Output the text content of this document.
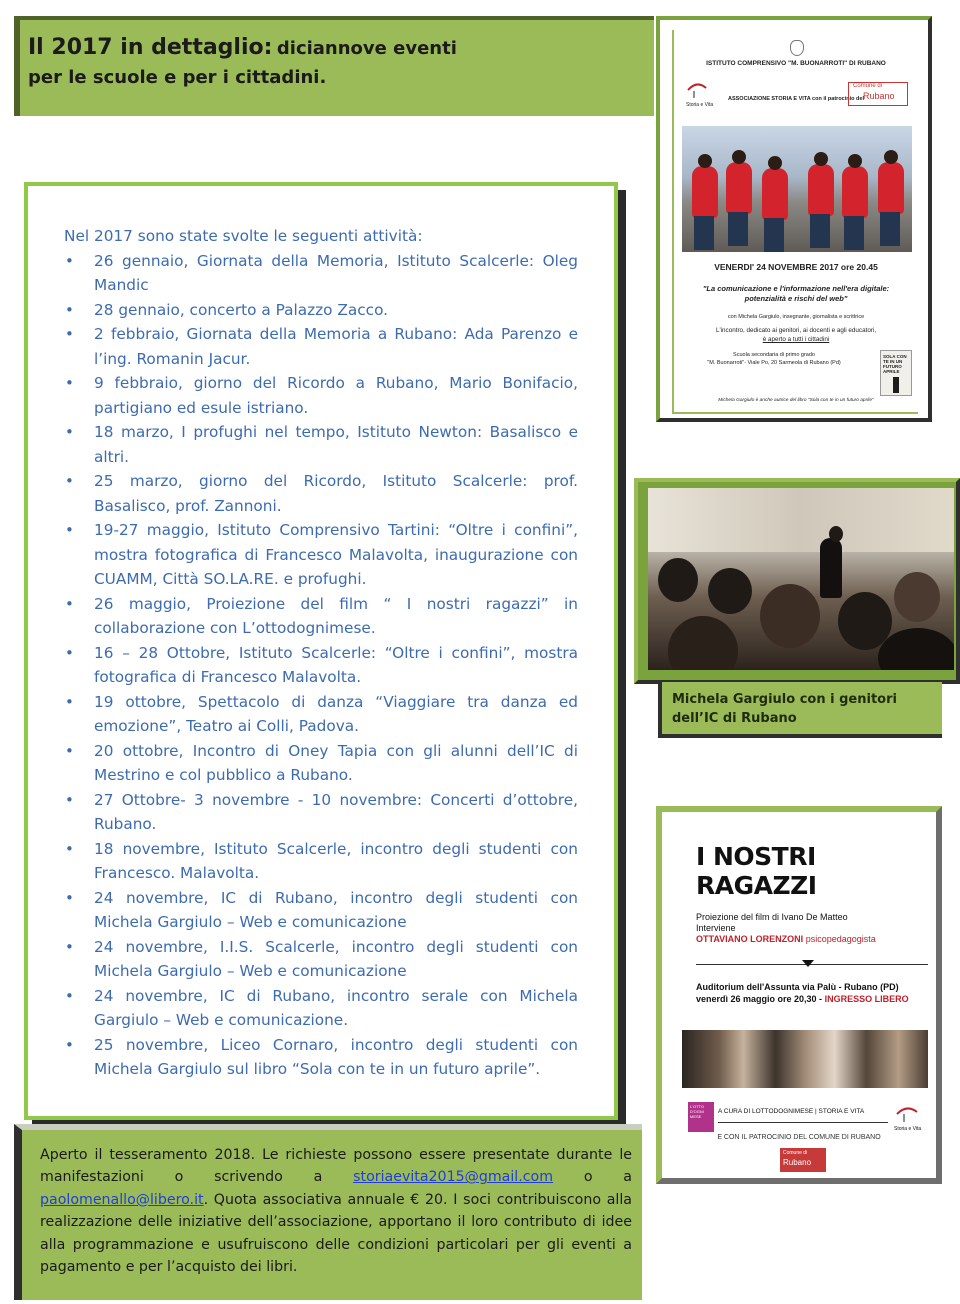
Il 2017 in dettaglio: diciannove eventi
per le scuole e per i cittadini.

Nel 2017 sono state svolte le seguenti attività:

• 26 gennaio, Giornata della Memoria, Istituto Scalcerle: Oleg Mandic
• 28 gennaio, concerto a Palazzo Zacco.
• 2 febbraio, Giornata della Memoria a Rubano: Ada Parenzo e l’ing. Romanin Jacur.
• 9 febbraio, giorno del Ricordo a Rubano, Mario Bonifacio, partigiano ed esule istriano.
• 18 marzo, I profughi nel tempo, Istituto Newton: Basalisco e altri.
• 25 marzo, giorno del Ricordo, Istituto Scalcerle: prof. Basalisco, prof. Zannoni.
• 19-27 maggio, Istituto Comprensivo Tartini: “Oltre i confini”, mostra fotografica di Francesco Malavolta, inaugurazione con CUAMM, Città SO.LA.RE. e profughi.
• 26 maggio, Proiezione del film “ I nostri ragazzi” in collaborazione con L’ottodognimese.
• 16 – 28 Ottobre, Istituto Scalcerle: “Oltre i confini”, mostra fotografica di Francesco Malavolta.
• 19 ottobre, Spettacolo di danza “Viaggiare tra danza ed emozione”, Teatro ai Colli, Padova.
• 20 ottobre, Incontro di Oney Tapia con gli alunni dell’IC di Mestrino e col pubblico a Rubano.
• 27 Ottobre- 3 novembre - 10 novembre: Concerti d’ottobre, Rubano.
• 18 novembre, Istituto Scalcerle, incontro degli studenti con Francesco. Malavolta.
• 24 novembre, IC di Rubano, incontro degli studenti con Michela Gargiulo – Web e comunicazione
• 24 novembre, I.I.S. Scalcerle, incontro degli studenti con Michela Gargiulo – Web e comunicazione
• 24 novembre, IC di Rubano, incontro serale con Michela Gargiulo – Web e comunicazione.
• 25 novembre, Liceo Cornaro, incontro degli studenti con Michela Gargiulo sul libro “Sola con te in un futuro aprile”.
ISTITUTO COMPRENSIVO "M. BUONARROTI" DI RUBANO
Storia e Vita
ASSOCIAZIONE STORIA E VITA con il patrocinio del
Comune di
Rubano
VENERDI' 24 NOVEMBRE 2017 ore 20.45
"La comunicazione e l'informazione nell'era digitale: potenzialità e rischi del web"
con Michela Gargiulo, insegnante, giornalista e scrittrice
L'incontro, dedicato ai genitori, ai docenti e agli educatori,
è aperto a tutti i cittadini
Scuola secondaria di primo grado
"M. Buonarroti"- Viale Po, 20 Sarmeola di Rubano (Pd)
SOLA CON TE IN UN FUTURO APRILE
Michela Gargiulo è anche autrice del libro "Sola con te in un futuro aprile"
Michela Gargiulo con i genitori dell’IC di Rubano
I NOSTRI
RAGAZZI
Proiezione del film di Ivano De Matteo
Interviene
OTTAVIANO LORENZONI psicopedagogista
Auditorium dell'Assunta via Palù - Rubano (PD)
venerdì 26 maggio ore 20,30 - INGRESSO LIBERO
L'OTTO D'OGNI MESE
A CURA DI LOTTODOGNIMESE | STORIA E VITA
Storia e Vita
E CON IL PATROCINIO DEL COMUNE DI RUBANO
Comune di
Rubano
Aperto il tesseramento 2018. Le richieste possono essere presentate durante le manifestazioni o scrivendo a storiaevita2015@gmail.com o a paolomenallo@libero.it. Quota associativa annuale € 20. I soci contribuiscono alla realizzazione delle iniziative dell’associazione, apportano il loro contributo di idee alla programmazione e usufruiscono delle condizioni particolari per gli eventi a pagamento e per l’acquisto dei libri.
